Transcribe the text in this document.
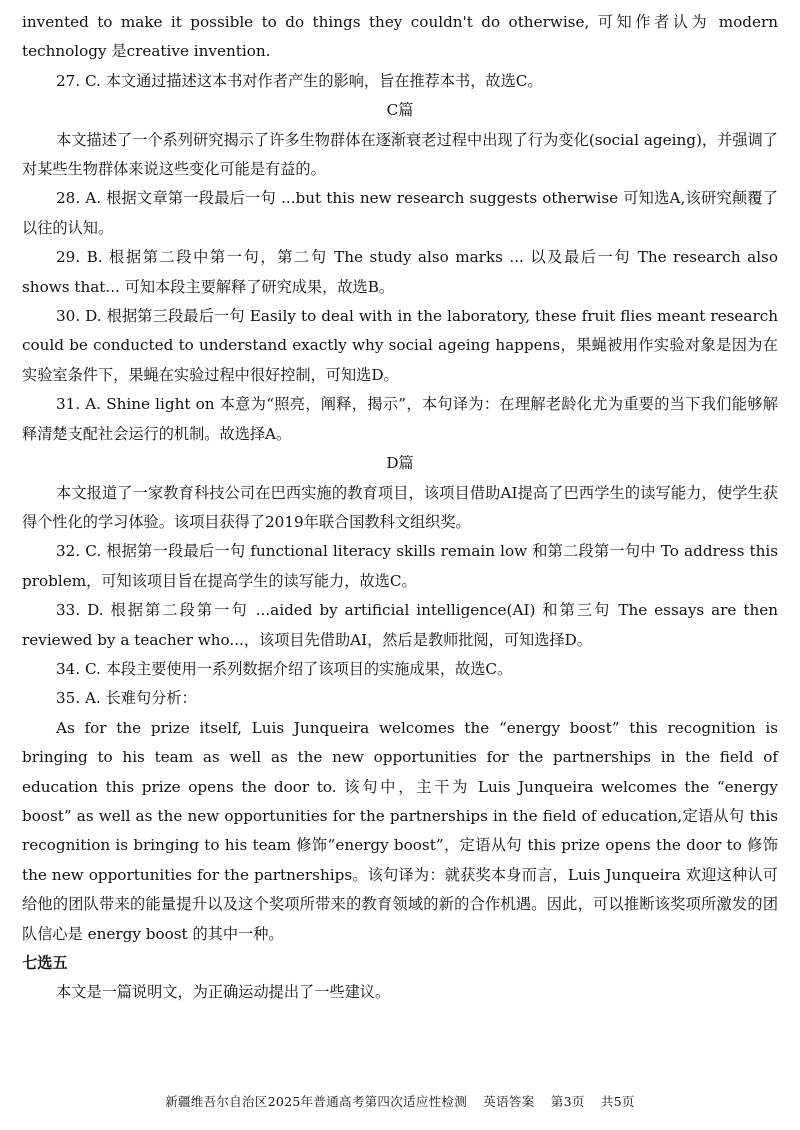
invented to make it possible to do things they couldn't do otherwise, 可知作者认为 modern technology 是creative invention.

27. C. 本文通过描述这本书对作者产生的影响，旨在推荐本书，故选C。

C篇

本文描述了一个系列研究揭示了许多生物群体在逐渐衰老过程中出现了行为变化(social ageing)，并强调了对某些生物群体来说这些变化可能是有益的。

28. A. 根据文章第一段最后一句 ...but this new research suggests otherwise 可知选A,该研究颠覆了以往的认知。

29. B. 根据第二段中第一句，第二句 The study also marks ... 以及最后一句 The research also shows that... 可知本段主要解释了研究成果，故选B。

30. D. 根据第三段最后一句 Easily to deal with in the laboratory, these fruit flies meant research could be conducted to understand exactly why social ageing happens，果蝇被用作实验对象是因为在实验室条件下，果蝇在实验过程中很好控制，可知选D。

31. A. Shine light on 本意为“照亮，阐释，揭示”，本句译为：在理解老龄化尤为重要的当下我们能够解释清楚支配社会运行的机制。故选择A。

D篇

本文报道了一家教育科技公司在巴西实施的教育项目，该项目借助AI提高了巴西学生的读写能力，使学生获得个性化的学习体验。该项目获得了2019年联合国教科文组织奖。

32. C. 根据第一段最后一句 functional literacy skills remain low 和第二段第一句中 To address this problem，可知该项目旨在提高学生的读写能力，故选C。

33. D. 根据第二段第一句 ...aided by artificial intelligence(AI) 和第三句 The essays are then reviewed by a teacher who...，该项目先借助AI，然后是教师批阅，可知选择D。

34. C. 本段主要使用一系列数据介绍了该项目的实施成果，故选C。

35. A. 长难句分析：

As for the prize itself, Luis Junqueira welcomes the “energy boost” this recognition is bringing to his team as well as the new opportunities for the partnerships in the field of education this prize opens the door to. 该句中，主干为 Luis Junqueira welcomes the “energy boost” as well as the new opportunities for the partnerships in the field of education,定语从句 this recognition is bringing to his team 修饰“energy boost”，定语从句 this prize opens the door to 修饰 the new opportunities for the partnerships。该句译为：就获奖本身而言，Luis Junqueira 欢迎这种认可给他的团队带来的能量提升以及这个奖项所带来的教育领域的新的合作机遇。因此，可以推断该奖项所激发的团队信心是 energy boost 的其中一种。

七选五

本文是一篇说明文，为正确运动提出了一些建议。

新疆维吾尔自治区2025年普通高考第四次适应性检测 英语答案 第3页 共5页
